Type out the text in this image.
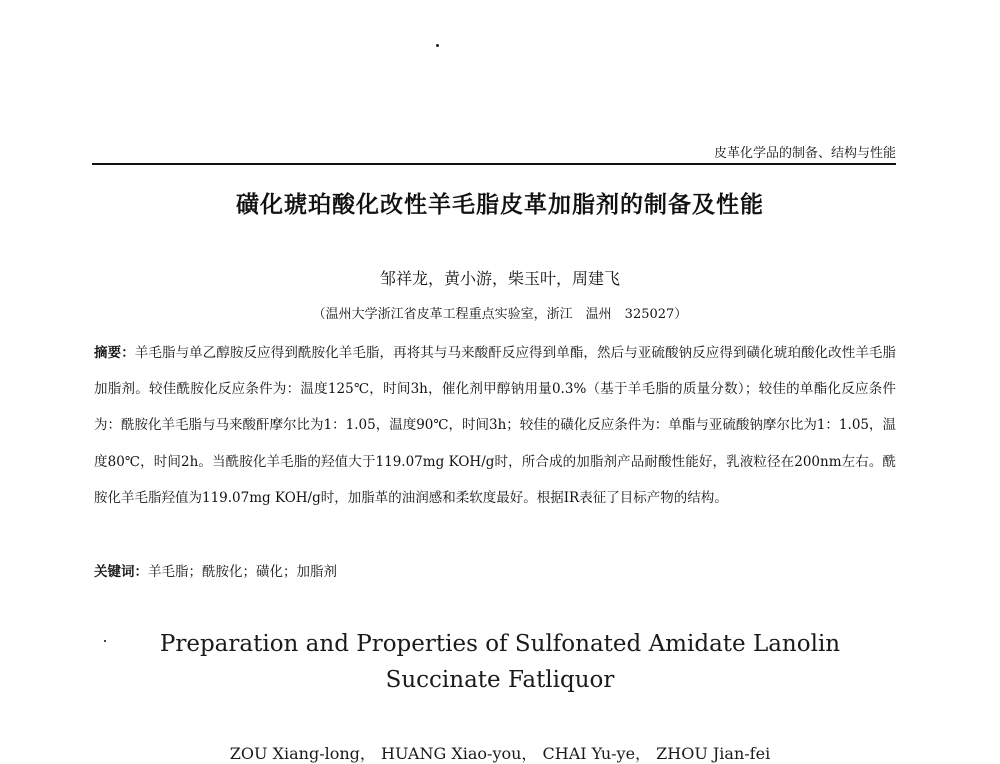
皮革化学品的制备、结构与性能
磺化琥珀酸化改性羊毛脂皮革加脂剂的制备及性能
邹祥龙，黄小游，柴玉叶，周建飞
（温州大学浙江省皮革工程重点实验室，浙江　温州　325027）

摘要：羊毛脂与单乙醇胺反应得到酰胺化羊毛脂，再将其与马来酸酐反应得到单酯，然后与亚硫酸钠反应得到磺化琥珀酸化改性羊毛脂加脂剂。较佳酰胺化反应条件为：温度125℃，时间3h，催化剂甲醇钠用量0.3%（基于羊毛脂的质量分数）；较佳的单酯化反应条件为：酰胺化羊毛脂与马来酸酐摩尔比为1：1.05，温度90℃，时间3h；较佳的磺化反应条件为：单酯与亚硫酸钠摩尔比为1：1.05，温度80℃，时间2h。当酰胺化羊毛脂的羟值大于119.07mg KOH/g时，所合成的加脂剂产品耐酸性能好，乳液粒径在200nm左右。酰胺化羊毛脂羟值为119.07mg KOH/g时，加脂革的油润感和柔软度最好。根据IR表征了目标产物的结构。

关键词：羊毛脂；酰胺化；磺化；加脂剂
Preparation and Properties of Sulfonated Amidate Lanolin
Succinate Fatliquor
ZOU Xiang-long， HUANG Xiao-you， CHAI Yu-ye， ZHOU Jian-fei
